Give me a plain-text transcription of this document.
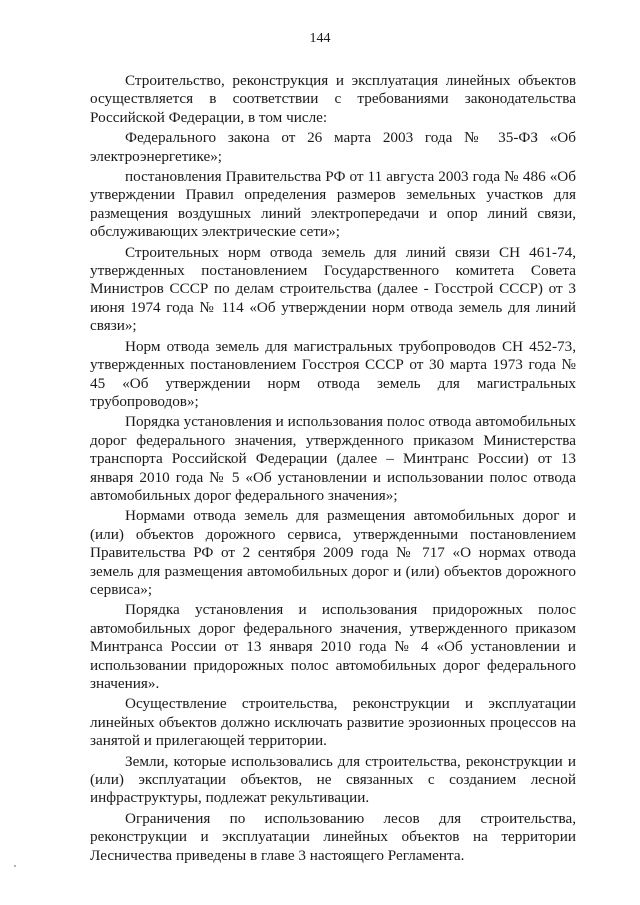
144

Строительство, реконструкция и эксплуатация линейных объектов осуществляется в соответствии с требованиями законодательства Российской Федерации, в том числе:

Федерального закона от 26 марта 2003 года № 35-ФЗ «Об электроэнергетике»;

постановления Правительства РФ от 11 августа 2003 года № 486 «Об утверждении Правил определения размеров земельных участков для размещения воздушных линий электропередачи и опор линий связи, обслуживающих электрические сети»;

Строительных норм отвода земель для линий связи СН 461-74, утвержденных постановлением Государственного комитета Совета Министров СССР по делам строительства (далее - Госстрой СССР) от 3 июня 1974 года № 114 «Об утверждении норм отвода земель для линий связи»;

Норм отвода земель для магистральных трубопроводов СН 452-73, утвержденных постановлением Госстроя СССР от 30 марта 1973 года № 45 «Об утверждении норм отвода земель для магистральных трубопроводов»;

Порядка установления и использования полос отвода автомобильных дорог федерального значения, утвержденного приказом Министерства транспорта Российской Федерации (далее – Минтранс России) от 13 января 2010 года № 5 «Об установлении и использовании полос отвода автомобильных дорог федерального значения»;

Нормами отвода земель для размещения автомобильных дорог и (или) объектов дорожного сервиса, утвержденными постановлением Правительства РФ от 2 сентября 2009 года № 717 «О нормах отвода земель для размещения автомобильных дорог и (или) объектов дорожного сервиса»;

Порядка установления и использования придорожных полос автомобильных дорог федерального значения, утвержденного приказом Минтранса России от 13 января 2010 года № 4 «Об установлении и использовании придорожных полос автомобильных дорог федерального значения».

Осуществление строительства, реконструкции и эксплуатации линейных объектов должно исключать развитие эрозионных процессов на занятой и прилегающей территории.

Земли, которые использовались для строительства, реконструкции и (или) эксплуатации объектов, не связанных с созданием лесной инфраструктуры, подлежат рекультивации.

Ограничения по использованию лесов для строительства, реконструкции и эксплуатации линейных объектов на территории Лесничества приведены в главе 3 настоящего Регламента.
